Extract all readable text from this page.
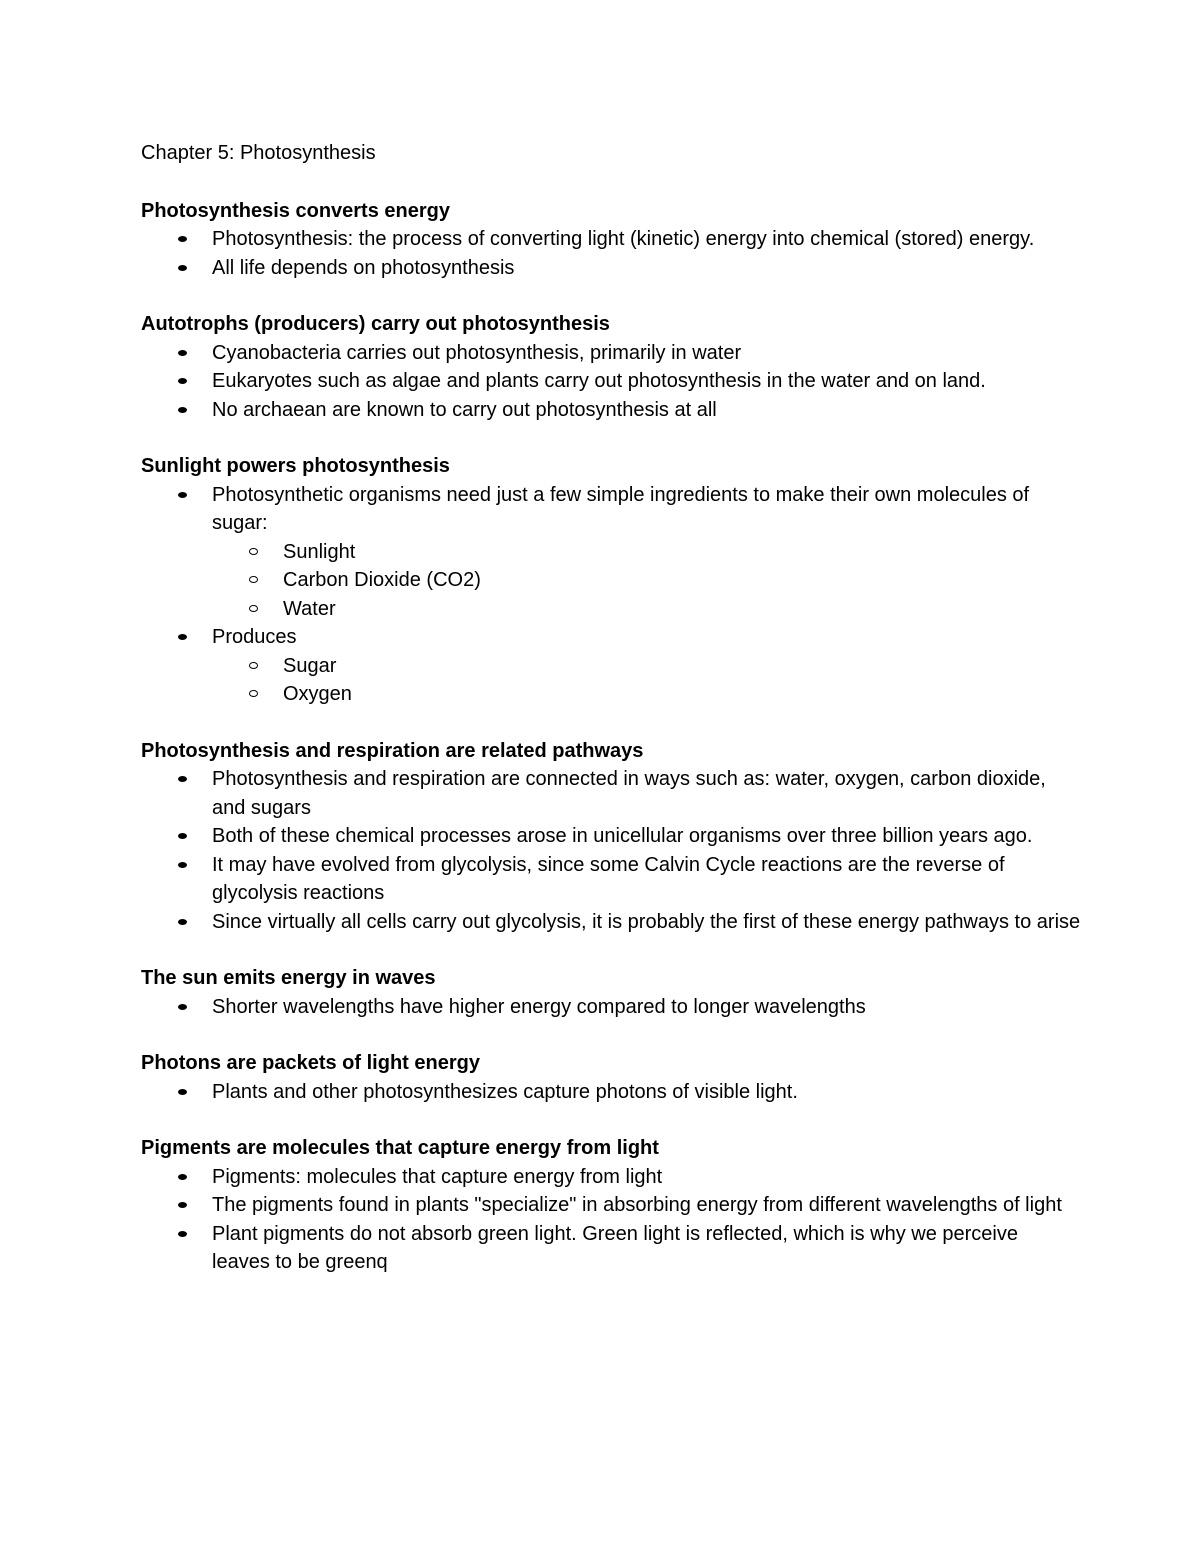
Chapter 5: Photosynthesis
Photosynthesis converts energy
Photosynthesis: the process of converting light (kinetic) energy into chemical (stored) energy.
All life depends on photosynthesis
Autotrophs (producers) carry out photosynthesis
Cyanobacteria carries out photosynthesis, primarily in water
Eukaryotes such as algae and plants carry out photosynthesis in the water and on land.
No archaean are known to carry out photosynthesis at all
Sunlight powers photosynthesis
Photosynthetic organisms need just a few simple ingredients to make their own molecules of sugar:
Sunlight
Carbon Dioxide (CO2)
Water
Produces
Sugar
Oxygen
Photosynthesis and respiration are related pathways
Photosynthesis and respiration are connected in ways such as: water, oxygen, carbon dioxide, and sugars
Both of these chemical processes arose in unicellular organisms over three billion years ago.
It may have evolved from glycolysis, since some Calvin Cycle reactions are the reverse of glycolysis reactions
Since virtually all cells carry out glycolysis, it is probably the first of these energy pathways to arise
The sun emits energy in waves
Shorter wavelengths have higher energy compared to longer wavelengths
Photons are packets of light energy
Plants and other photosynthesizes capture photons of visible light.
Pigments are molecules that capture energy from light
Pigments: molecules that capture energy from light
The pigments found in plants "specialize" in absorbing energy from different wavelengths of light
Plant pigments do not absorb green light. Green light is reflected, which is why we perceive leaves to be greenq
